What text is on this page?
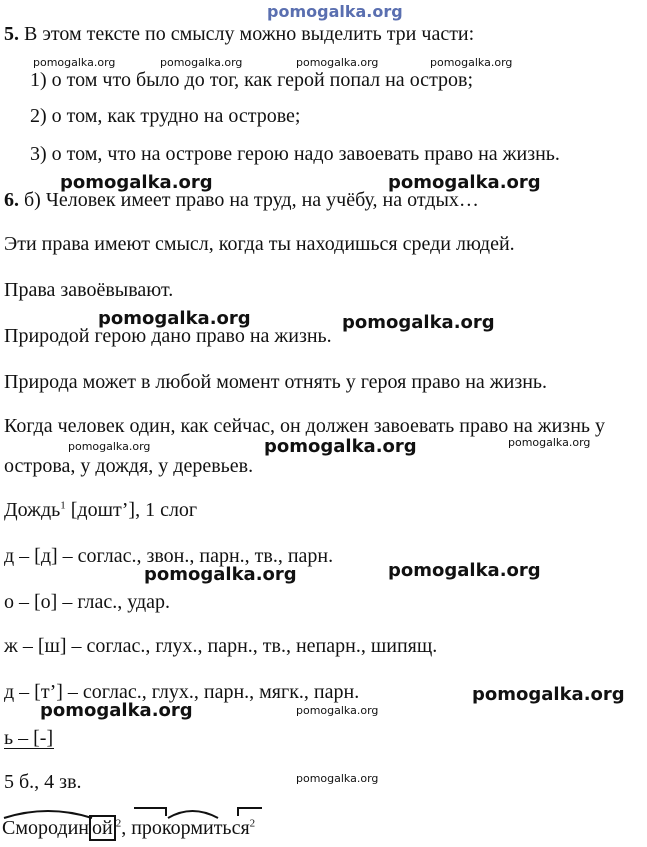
pomogalka.org
5. В этом тексте по смыслу можно выделить три части:
pomogalka.org	pomogalka.org	pomogalka.org	pomogalka.org
1) о том что было до тог, как герой попал на остров;
2) о том, как трудно на острове;
3) о том, что на острове герою надо завоевать право на жизнь.
pomogalka.org	pomogalka.org
6. б) Человек имеет право на труд, на учёбу, на отдых…
Эти права имеют смысл, когда ты находишься среди людей.
Права завоёвывают.
pomogalka.org	pomogalka.org
Природой герою дано право на жизнь.
Природа может в любой момент отнять у героя право на жизнь.
Когда человек один, как сейчас, он должен завоевать право на жизнь у
pomogalka.org	pomogalka.org	pomogalka.org
острова, у дождя, у деревьев.
Дождь$^1$ [дошт’], 1 слог
д – [д] – соглас., звон., парн., тв., парн.
pomogalka.org	pomogalka.org
о – [о] – глас., удар.
ж – [ш] – соглас., глух., парн., тв., непарн., шипящ.
д – [т’] – соглас., глух., парн., мягк., парн.	pomogalka.org
pomogalka.org	pomogalka.org
ь – [-]
pomogalka.org
5 б., 4 зв.
Смородин ой $^2$, прокормиться$^2$
